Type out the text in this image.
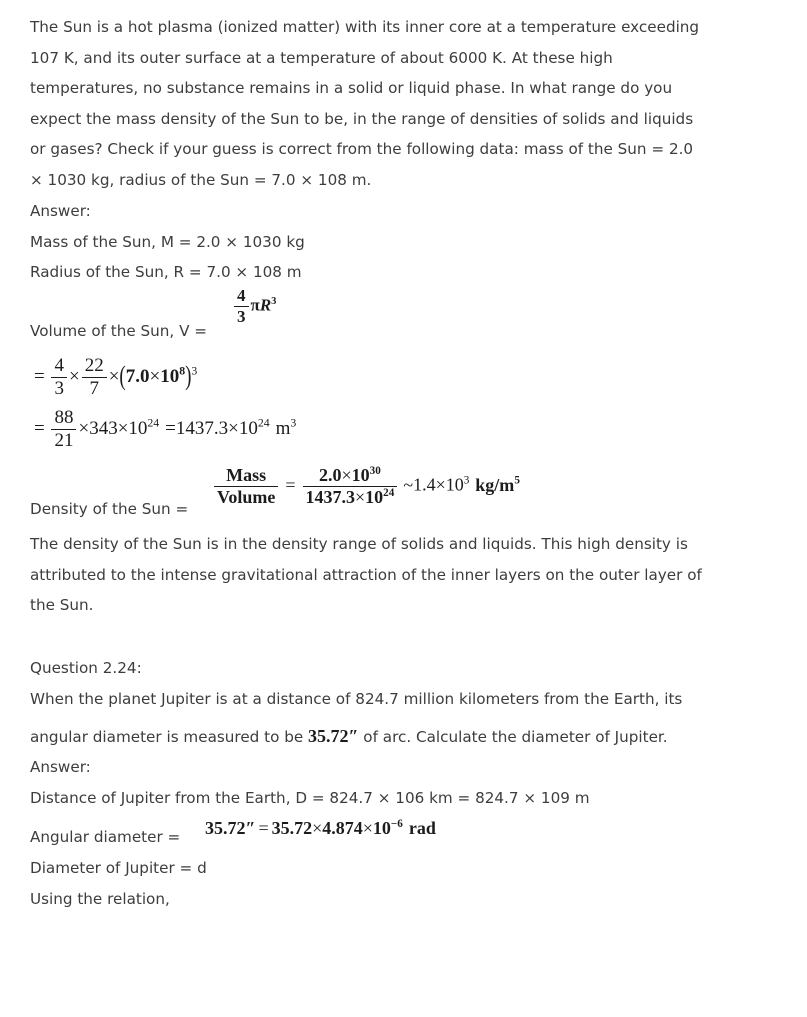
The Sun is a hot plasma (ionized matter) with its inner core at a temperature exceeding
107 K, and its outer surface at a temperature of about 6000 K. At these high
temperatures, no substance remains in a solid or liquid phase. In what range do you
expect the mass density of the Sun to be, in the range of densities of solids and liquids
or gases? Check if your guess is correct from the following data: mass of the Sun = 2.0
× 1030 kg, radius of the Sun = 7.0 × 108 m.
Answer:
Mass of the Sun, M = 2.0 × 1030 kg
Radius of the Sun, R = 7.0 × 108 m
Volume of the Sun, V =
$\frac{4}{3} \pi R^3$
= $\frac{4}{3} \times \frac{22}{7} \times(7.0\times 10^8)^3$
= $\frac{88}{21} \times 343\times 10^{24} =1437.3\times 10^{24}$ $m^3$
Density of the Sun =
$\frac{\text{Mass}}{\text{Volume}} = \frac{2.0\times 10^{30}}{1437.3\times 10^{24}}$ $\sim 1.4\times 10^3$ $kg/m^5$
The density of the Sun is in the density range of solids and liquids. This high density is
attributed to the intense gravitational attraction of the inner layers on the outer layer of
the Sun.
Question 2.24:
When the planet Jupiter is at a distance of 824.7 million kilometers from the Earth, its
angular diameter is measured to be 35.72″ of arc. Calculate the diameter of Jupiter.
Answer:
Distance of Jupiter from the Earth, D = 824.7 × 106 km = 824.7 × 109 m
Angular diameter = $35.72'' = 35.72\times 4.874\times 10^{-6}$ rad
Diameter of Jupiter = d
Using the relation,
